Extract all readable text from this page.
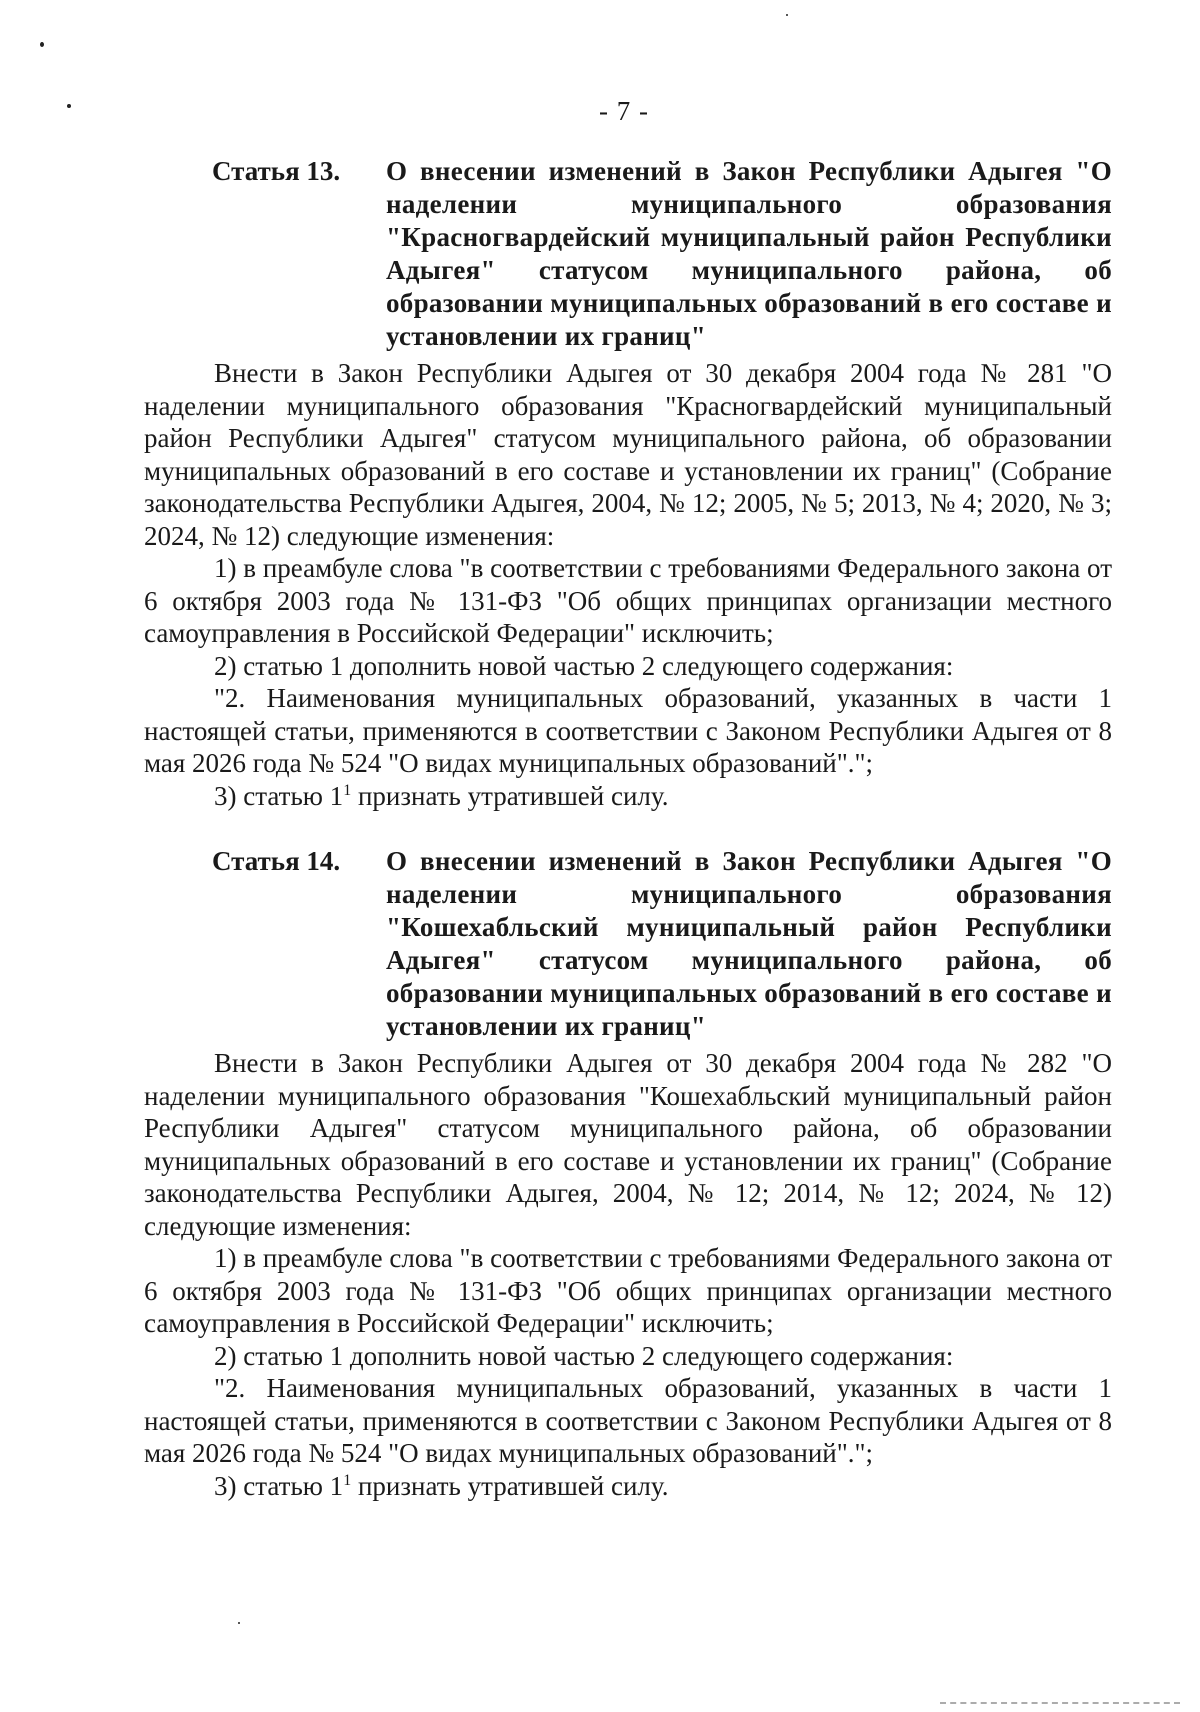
- 7 -
Статья 13. О внесении изменений в Закон Республики Адыгея "О наделении муниципального образования "Красногвардейский муниципальный район Республики Адыгея" статусом муниципального района, об образовании муниципальных образований в его составе и установлении их границ"

Внести в Закон Республики Адыгея от 30 декабря 2004 года № 281 "О наделении муниципального образования "Красногвардейский муниципальный район Республики Адыгея" статусом муниципального района, об образовании муниципальных образований в его составе и установлении их границ" (Собрание законодательства Республики Адыгея, 2004, № 12; 2005, № 5; 2013, № 4; 2020, № 3; 2024, № 12) следующие изменения:

1) в преамбуле слова "в соответствии с требованиями Федерального закона от 6 октября 2003 года № 131-ФЗ "Об общих принципах организации местного самоуправления в Российской Федерации" исключить;

2) статью 1 дополнить новой частью 2 следующего содержания:

"2. Наименования муниципальных образований, указанных в части 1 настоящей статьи, применяются в соответствии с Законом Республики Адыгея от 8 мая 2026 года № 524 "О видах муниципальных образований".";

3) статью $1^1$ признать утратившей силу.

Статья 14. О внесении изменений в Закон Республики Адыгея "О наделении муниципального образования "Кошехабльский муниципальный район Республики Адыгея" статусом муниципального района, об образовании муниципальных образований в его составе и установлении их границ"

Внести в Закон Республики Адыгея от 30 декабря 2004 года № 282 "О наделении муниципального образования "Кошехабльский муниципальный район Республики Адыгея" статусом муниципального района, об образовании муниципальных образований в его составе и установлении их границ" (Собрание законодательства Республики Адыгея, 2004, № 12; 2014, № 12; 2024, № 12) следующие изменения:

1) в преамбуле слова "в соответствии с требованиями Федерального закона от 6 октября 2003 года № 131-ФЗ "Об общих принципах организации местного самоуправления в Российской Федерации" исключить;

2) статью 1 дополнить новой частью 2 следующего содержания:

"2. Наименования муниципальных образований, указанных в части 1 настоящей статьи, применяются в соответствии с Законом Республики Адыгея от 8 мая 2026 года № 524 "О видах муниципальных образований".";

3) статью $1^1$ признать утратившей силу.
